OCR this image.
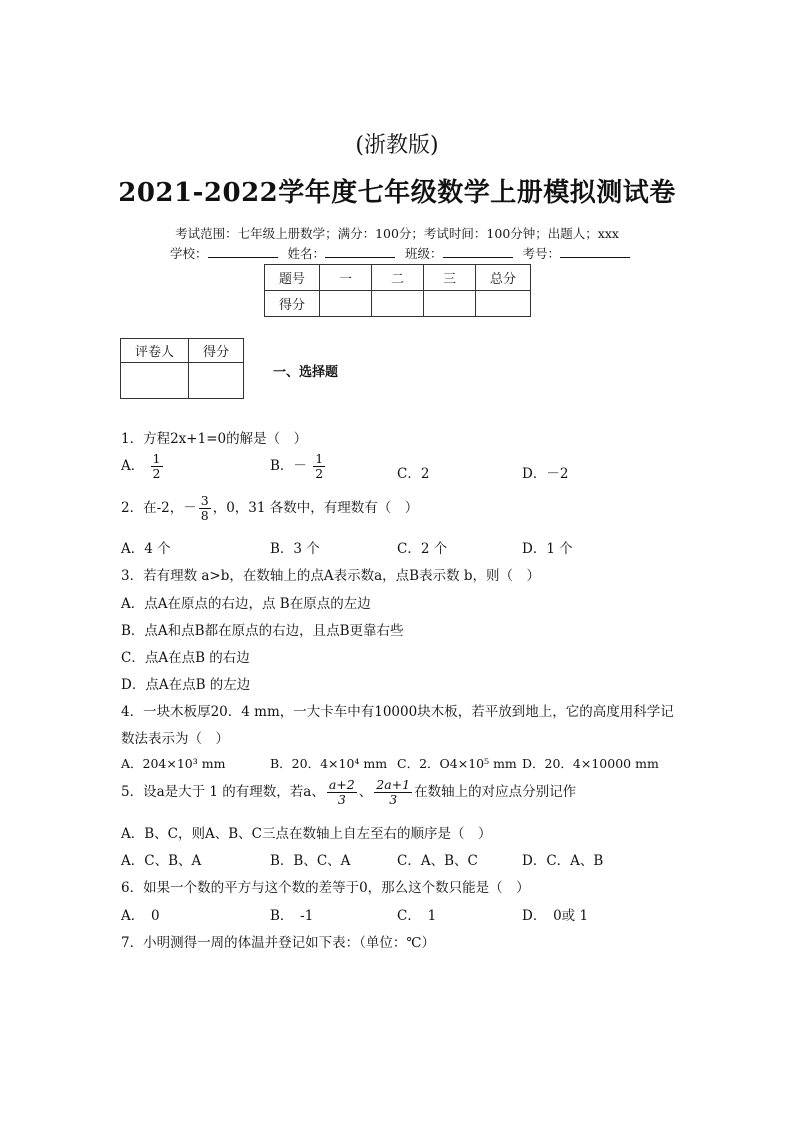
(浙教版)
2021-2022学年度七年级数学上册模拟测试卷
考试范围：七年级上册数学；满分：100分；考试时间：100分钟；出题人；xxx
学校：	姓名：	班级：	考号：
题号	一	二	三	总分
得分				
评卷人	得分

一、选择题
1．方程2x+1=0的解是（　）
A． $\frac{1}{2}$	B．－ $\frac{1}{2}$	C．2	D．－2
2．在-2，－ $\frac{3}{8}$ ，0，31 各数中，有理数有（　）
A．4 个	B．3 个	C．2 个	D．1 个
3．若有理数 a>b，在数轴上的点A表示数a，点B表示数 b，则（　）
A．点A在原点的右边，点 B在原点的左边
B．点A和点B都在原点的右边，且点B更靠右些
C．点A在点B 的右边
D．点A在点B 的左边
4．一块木板厚20．4 mm，一大卡车中有10000块木板，若平放到地上，它的高度用科学记
数法表示为（　）
A．204×10³ mm	B．20．4×10⁴ mm C．2．O4×10⁵ mm D．20．4×10000 mm
5．设a是大于 1 的有理数，若a、 $\frac{a+2}{3}$ 、 $\frac{2a+1}{3}$ 在数轴上的对应点分别记作
A．B、C，则A、B、C三点在数轴上自左至右的顺序是（　）
A．C、B、A	B．B、C、A	C．A、B、C	D．C．A、B
6．如果一个数的平方与这个数的差等于0，那么这个数只能是（　）
A．　0	B．　-1	C．　1	D．　0或 1
7．小明测得一周的体温并登记如下表：（单位：℃）
